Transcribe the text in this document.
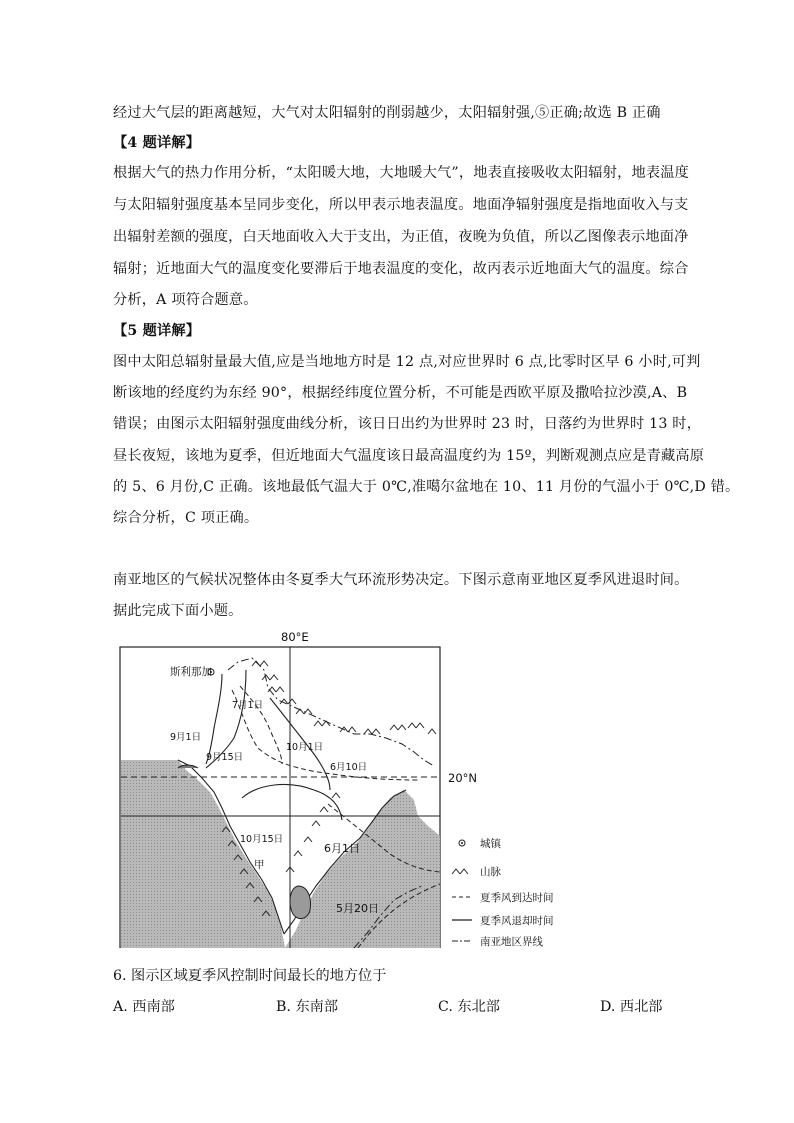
经过大气层的距离越短，大气对太阳辐射的削弱越少，太阳辐射强,⑤正确;故选 B 正确
【4 题详解】
根据大气的热力作用分析，“太阳暖大地，大地暖大气”，地表直接吸收太阳辐射，地表温度
与太阳辐射强度基本呈同步变化，所以甲表示地表温度。地面净辐射强度是指地面收入与支
出辐射差额的强度，白天地面收入大于支出，为正值，夜晚为负值，所以乙图像表示地面净
辐射；近地面大气的温度变化要滞后于地表温度的变化，故丙表示近地面大气的温度。综合
分析，A 项符合题意。
【5 题详解】
图中太阳总辐射量最大值,应是当地地方时是 12 点,对应世界时 6 点,比零时区早 6 小时,可判
断该地的经度约为东经 90°，根据经纬度位置分析，不可能是西欧平原及撒哈拉沙漠,A、B
错误；由图示太阳辐射强度曲线分析，该日日出约为世界时 23 时，日落约为世界时 13 时，
昼长夜短，该地为夏季，但近地面大气温度该日最高温度约为 15º，判断观测点应是青藏高原
的 5、6 月份,C 正确。该地最低气温大于 0℃,准噶尔盆地在 10、11 月份的气温小于 0℃,D 错。
综合分析，C 项正确。
南亚地区的气候状况整体由冬夏季大气环流形势决定。下图示意南亚地区夏季风进退时间。
据此完成下面小题。
80°E
20°N
斯利那加
7月1日
9月1日
9月15日
10月1日
6月10日
10月15日
甲
6月1日
5月20日
城镇
山脉
夏季风到达时间
夏季风退却时间
南亚地区界线
6. 图示区域夏季风控制时间最长的地方位于
A. 西南部	B. 东南部	C. 东北部	D. 西北部
